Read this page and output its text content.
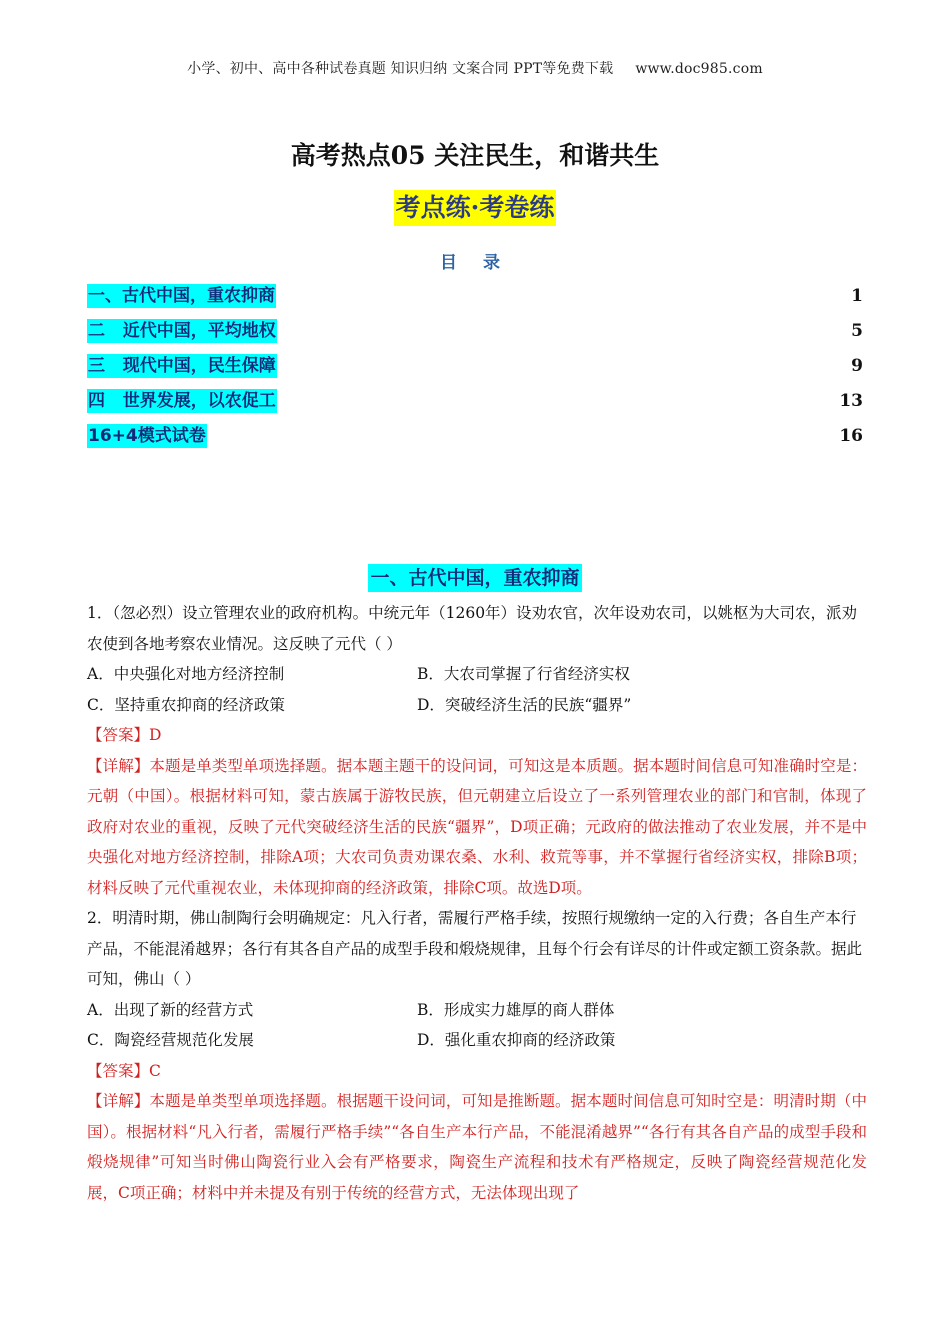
小学、初中、高中各种试卷真题 知识归纳 文案合同 PPT等免费下载 www.doc985.com
高考热点05 关注民生，和谐共生
考点练·考卷练
目 录
一、古代中国，重农抑商	1
二   近代中国，平均地权	5
三   现代中国，民生保障	9
四   世界发展，以农促工	13
16+4模式试卷	16
一、古代中国，重农抑商

1．（忽必烈）设立管理农业的政府机构。中统元年（1260年）设劝农官，次年设劝农司，以姚枢为大司农，派劝农使到各地考察农业情况。这反映了元代（ ）

A．中央强化对地方经济控制	B．大农司掌握了行省经济实权
C．坚持重农抑商的经济政策	D．突破经济生活的民族“疆界”

【答案】D

【详解】本题是单类型单项选择题。据本题主题干的设问词，可知这是本质题。据本题时间信息可知准确时空是：元朝（中国）。根据材料可知，蒙古族属于游牧民族，但元朝建立后设立了一系列管理农业的部门和官制，体现了政府对农业的重视，反映了元代突破经济生活的民族“疆界”，D项正确；元政府的做法推动了农业发展，并不是中央强化对地方经济控制，排除A项；大农司负责劝课农桑、水利、救荒等事，并不掌握行省经济实权，排除B项；材料反映了元代重视农业，未体现抑商的经济政策，排除C项。故选D项。

2．明清时期，佛山制陶行会明确规定：凡入行者，需履行严格手续，按照行规缴纳一定的入行费；各自生产本行产品，不能混淆越界；各行有其各自产品的成型手段和煅烧规律，且每个行会有详尽的计件或定额工资条款。据此可知，佛山（ ）

A．出现了新的经营方式	B．形成实力雄厚的商人群体
C．陶瓷经营规范化发展	D．强化重农抑商的经济政策

【答案】C

【详解】本题是单类型单项选择题。根据题干设问词，可知是推断题。据本题时间信息可知时空是：明清时期（中国）。根据材料“凡入行者，需履行严格手续”“各自生产本行产品，不能混淆越界”“各行有其各自产品的成型手段和煅烧规律”可知当时佛山陶瓷行业入会有严格要求，陶瓷生产流程和技术有严格规定，反映了陶瓷经营规范化发展，C项正确；材料中并未提及有别于传统的经营方式，无法体现出现了
